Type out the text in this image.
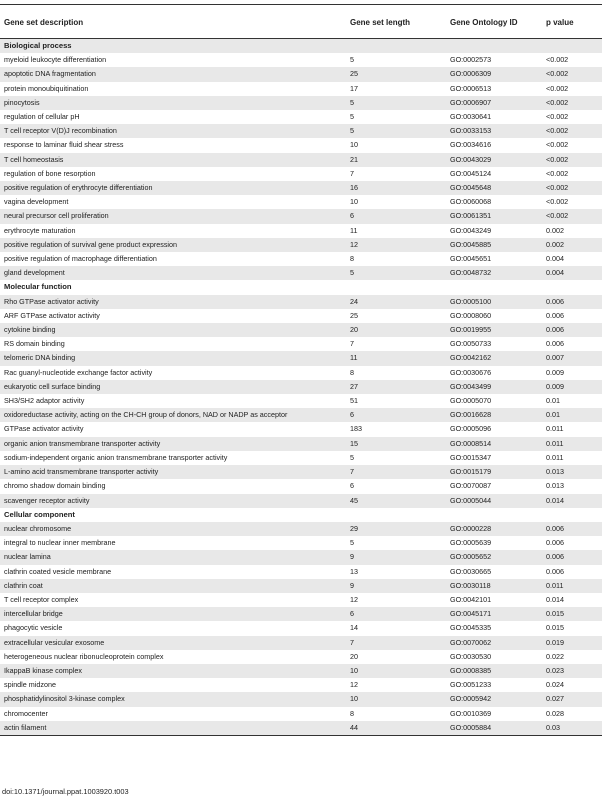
Gene set description	Gene set length	Gene Ontology ID	p value
Biological process			
myeloid leukocyte differentiation	5	GO:0002573	<0.002
apoptotic DNA fragmentation	25	GO:0006309	<0.002
protein monoubiquitination	17	GO:0006513	<0.002
pinocytosis	5	GO:0006907	<0.002
regulation of cellular pH	5	GO:0030641	<0.002
T cell receptor V(D)J recombination	5	GO:0033153	<0.002
response to laminar fluid shear stress	10	GO:0034616	<0.002
T cell homeostasis	21	GO:0043029	<0.002
regulation of bone resorption	7	GO:0045124	<0.002
positive regulation of erythrocyte differentiation	16	GO:0045648	<0.002
vagina development	10	GO:0060068	<0.002
neural precursor cell proliferation	6	GO:0061351	<0.002
erythrocyte maturation	11	GO:0043249	0.002
positive regulation of survival gene product expression	12	GO:0045885	0.002
positive regulation of macrophage differentiation	8	GO:0045651	0.004
gland development	5	GO:0048732	0.004
Molecular function			
Rho GTPase activator activity	24	GO:0005100	0.006
ARF GTPase activator activity	25	GO:0008060	0.006
cytokine binding	20	GO:0019955	0.006
RS domain binding	7	GO:0050733	0.006
telomeric DNA binding	11	GO:0042162	0.007
Rac guanyl-nucleotide exchange factor activity	8	GO:0030676	0.009
eukaryotic cell surface binding	27	GO:0043499	0.009
SH3/SH2 adaptor activity	51	GO:0005070	0.01
oxidoreductase activity, acting on the CH-CH group of donors, NAD or NADP as acceptor	6	GO:0016628	0.01
GTPase activator activity	183	GO:0005096	0.011
organic anion transmembrane transporter activity	15	GO:0008514	0.011
sodium-independent organic anion transmembrane transporter activity	5	GO:0015347	0.011
L-amino acid transmembrane transporter activity	7	GO:0015179	0.013
chromo shadow domain binding	6	GO:0070087	0.013
scavenger receptor activity	45	GO:0005044	0.014
Cellular component			
nuclear chromosome	29	GO:0000228	0.006
integral to nuclear inner membrane	5	GO:0005639	0.006
nuclear lamina	9	GO:0005652	0.006
clathrin coated vesicle membrane	13	GO:0030665	0.006
clathrin coat	9	GO:0030118	0.011
T cell receptor complex	12	GO:0042101	0.014
intercellular bridge	6	GO:0045171	0.015
phagocytic vesicle	14	GO:0045335	0.015
extracellular vesicular exosome	7	GO:0070062	0.019
heterogeneous nuclear ribonucleoprotein complex	20	GO:0030530	0.022
IkappaB kinase complex	10	GO:0008385	0.023
spindle midzone	12	GO:0051233	0.024
phosphatidylinositol 3-kinase complex	10	GO:0005942	0.027
chromocenter	8	GO:0010369	0.028
actin filament	44	GO:0005884	0.03
doi:10.1371/journal.ppat.1003920.t003
